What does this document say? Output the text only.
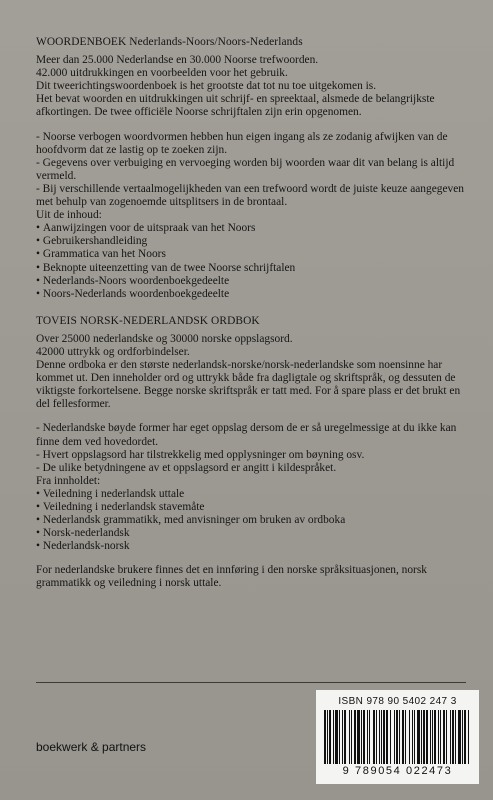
WOORDENBOEK Nederlands-Noors/Noors-Nederlands

Meer dan 25.000 Nederlandse en 30.000 Noorse trefwoorden.

42.000 uitdrukkingen en voorbeelden voor het gebruik.

Dit tweerichtingswoordenboek is het grootste dat tot nu toe uitgekomen is.

Het bevat woorden en uitdrukkingen uit schrijf- en spreektaal, alsmede de belangrijkste afkortingen. De twee officiële Noorse schrijftalen zijn erin opgenomen.

- Noorse verbogen woordvormen hebben hun eigen ingang als ze zodanig afwijken van de hoofdvorm dat ze lastig op te zoeken zijn.
- Gegevens over verbuiging en vervoeging worden bij woorden waar dit van belang is altijd vermeld.
- Bij verschillende vertaalmogelijkheden van een trefwoord wordt de juiste keuze aangegeven met behulp van zogenoemde uitsplitsers in de brontaal.

Uit de inhoud:

• Aanwijzingen voor de uitspraak van het Noors
• Gebruikershandleiding
• Grammatica van het Noors
• Beknopte uiteenzetting van de twee Noorse schrijftalen
• Nederlands-Noors woordenboekgedeelte
• Noors-Nederlands woordenboekgedeelte

TOVEIS NORSK-NEDERLANDSK ORDBOK

Over 25000 nederlandske og 30000 norske oppslagsord.

42000 uttrykk og ordforbindelser.

Denne ordboka er den største nederlandsk-norske/norsk-nederlandske som noensinne har kommet ut. Den inneholder ord og uttrykk både fra dagligtale og skriftspråk, og dessuten de viktigste forkortelsene. Begge norske skriftspråk er tatt med. For å spare plass er det brukt en del fellesformer.

- Nederlandske bøyde former har eget oppslag dersom de er så uregelmessige at du ikke kan finne dem ved hovedordet.
- Hvert oppslagsord har tilstrekkelig med opplysninger om bøyning osv.
- De ulike betydningene av et oppslagsord er angitt i kildespråket.

Fra innholdet:

• Veiledning i nederlandsk uttale
• Veiledning i nederlandsk stavemåte
• Nederlandsk grammatikk, med anvisninger om bruken av ordboka
• Norsk-nederlandsk
• Nederlandsk-norsk

For nederlandske brukere finnes det en innføring i den norske språksituasjonen, norsk grammatikk og veiledning i norsk uttale.

boekwerk & partners
ISBN 978 90 5402 247 3
9 789054 022473
